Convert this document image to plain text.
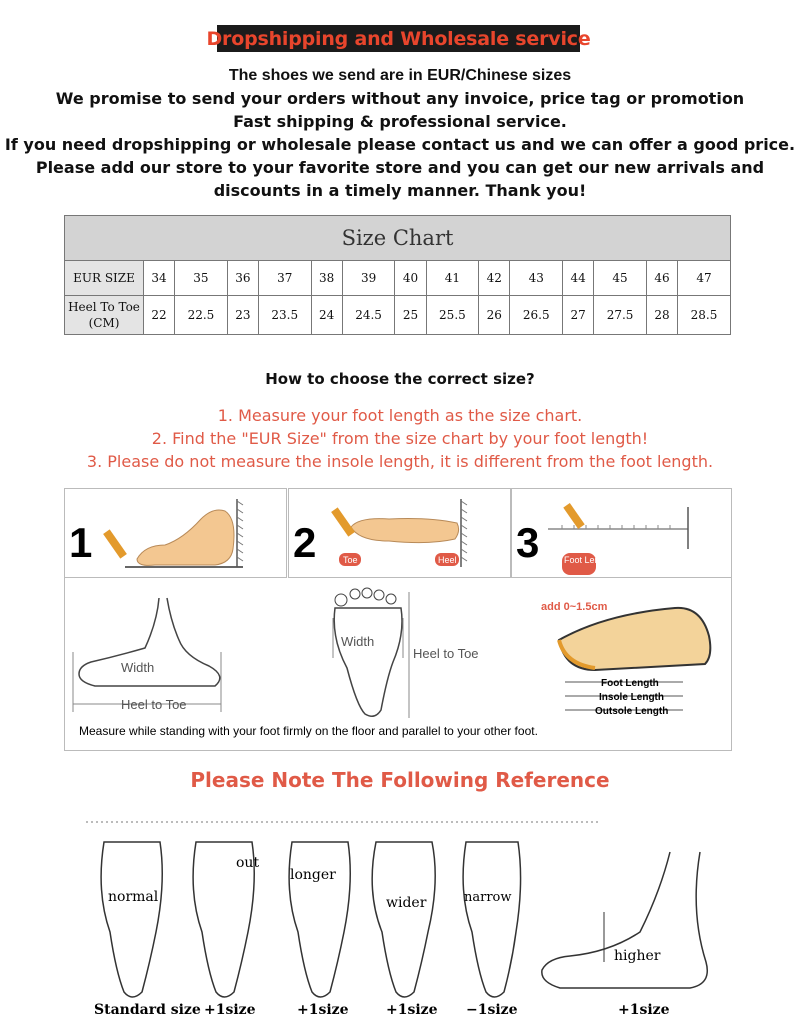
Dropshipping and Wholesale service
The shoes we send are in EUR/Chinese sizes
We promise to send your orders without any invoice, price tag or promotion
Fast shipping & professional service.
If you need dropshipping or wholesale please contact us and we can offer a good price.
Please add our store to your favorite store and you can get our new arrivals and discounts in a timely manner. Thank you!
Size Chart														
EUR SIZE	34	35	36	37	38	39	40	41	42	43	44	45	46	47
Heel To Toe (CM)	22	22.5	23	23.5	24	24.5	25	25.5	26	26.5	27	27.5	28	28.5
How to choose the correct size?
1. Measure your foot length as the size chart.
2. Find the "EUR Size" from the size chart by your foot length!
3. Please do not measure the insole length, it is different from the foot length.
1	2	Toe	Heel 3	Foot Length
Width
Heel to Toe
Width
Heel to Toe
add 0~1.5cm
Foot Length
Insole Length
Outsole Length
Measure while standing with your foot firmly on the floor and parallel to your other foot.
Please Note The Following Reference
normal
Standard size
out
+1size
longer
+1size
wider
+1size
narrow
−1size
higher
+1size
